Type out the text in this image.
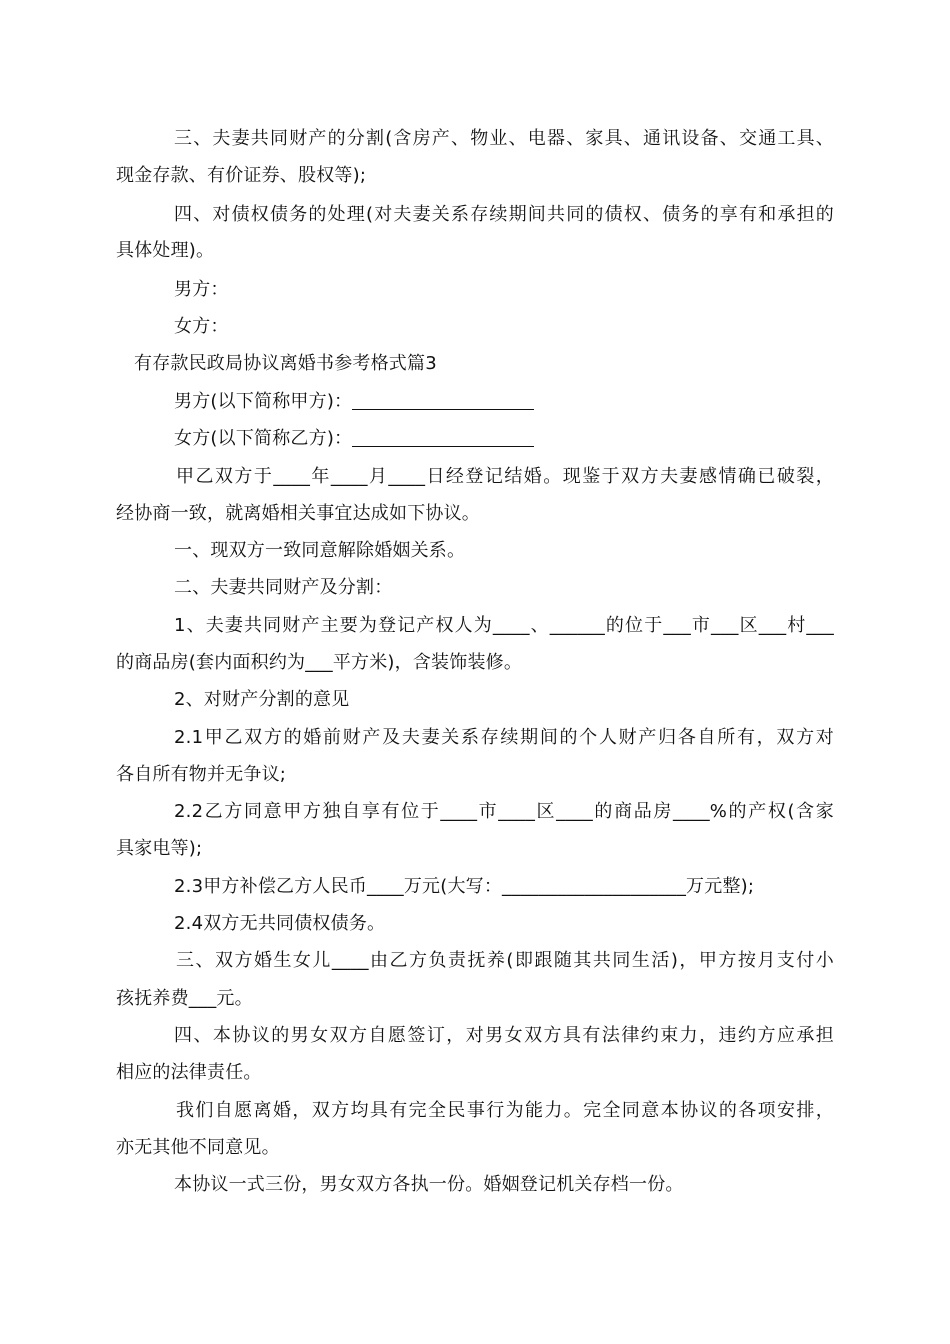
三、夫妻共同财产的分割(含房产、物业、电器、家具、通讯设备、交通工具、
现金存款、有价证券、股权等);
四、对债权债务的处理(对夫妻关系存续期间共同的债权、债务的享有和承担的
具体处理)。
男方：
女方：
有存款民政局协议离婚书参考格式篇3
男方(以下简称甲方)：
女方(以下简称乙方)：
甲乙双方于____年____月____日经登记结婚。现鉴于双方夫妻感情确已破裂，
经协商一致，就离婚相关事宜达成如下协议。
一、现双方一致同意解除婚姻关系。
二、夫妻共同财产及分割：
1、夫妻共同财产主要为登记产权人为____、______的位于___市___区___村___
的商品房(套内面积约为___平方米)，含装饰装修。
2、对财产分割的意见
2.1甲乙双方的婚前财产及夫妻关系存续期间的个人财产归各自所有，双方对
各自所有物并无争议;
2.2乙方同意甲方独自享有位于____市____区____的商品房____%的产权(含家
具家电等);
2.3甲方补偿乙方人民币____万元(大写：____________________万元整);
2.4双方无共同债权债务。
三、双方婚生女儿____由乙方负责抚养(即跟随其共同生活)，甲方按月支付小
孩抚养费___元。
四、本协议的男女双方自愿签订，对男女双方具有法律约束力，违约方应承担
相应的法律责任。
我们自愿离婚，双方均具有完全民事行为能力。完全同意本协议的各项安排，
亦无其他不同意见。
本协议一式三份，男女双方各执一份。婚姻登记机关存档一份。
